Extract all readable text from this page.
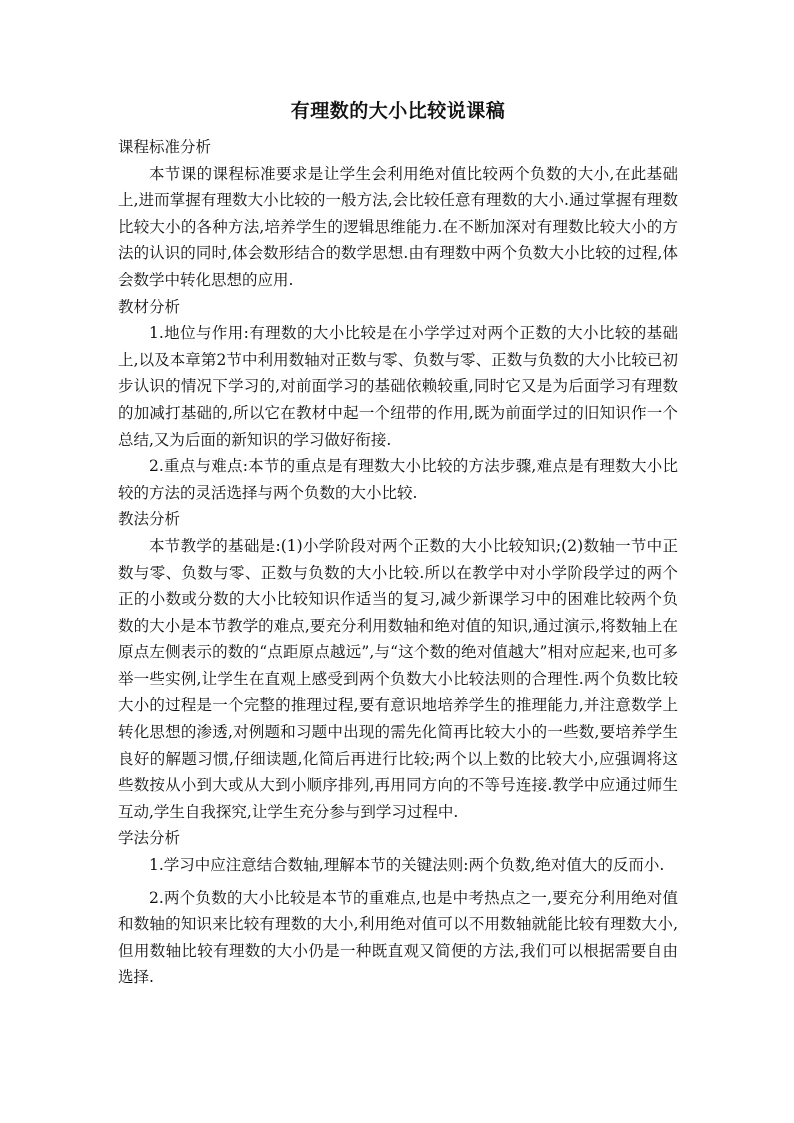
有理数的大小比较说课稿
课程标准分析

本节课的课程标准要求是让学生会利用绝对值比较两个负数的大小,在此基础上,进而掌握有理数大小比较的一般方法,会比较任意有理数的大小.通过掌握有理数比较大小的各种方法,培养学生的逻辑思维能力.在不断加深对有理数比较大小的方法的认识的同时,体会数形结合的数学思想.由有理数中两个负数大小比较的过程,体会数学中转化思想的应用.

教材分析

1.地位与作用:有理数的大小比较是在小学学过对两个正数的大小比较的基础上,以及本章第2节中利用数轴对正数与零、负数与零、正数与负数的大小比较已初步认识的情况下学习的,对前面学习的基础依赖较重,同时它又是为后面学习有理数的加减打基础的,所以它在教材中起一个纽带的作用,既为前面学过的旧知识作一个总结,又为后面的新知识的学习做好衔接.

2.重点与难点:本节的重点是有理数大小比较的方法步骤,难点是有理数大小比较的方法的灵活选择与两个负数的大小比较.

教法分析

本节教学的基础是:(1)小学阶段对两个正数的大小比较知识;(2)数轴一节中正数与零、负数与零、正数与负数的大小比较.所以在教学中对小学阶段学过的两个正的小数或分数的大小比较知识作适当的复习,减少新课学习中的困难比较两个负数的大小是本节教学的难点,要充分利用数轴和绝对值的知识,通过演示,将数轴上在原点左侧表示的数的“点距原点越远”,与“这个数的绝对值越大”相对应起来,也可多举一些实例,让学生在直观上感受到两个负数大小比较法则的合理性.两个负数比较大小的过程是一个完整的推理过程,要有意识地培养学生的推理能力,并注意数学上转化思想的渗透,对例题和习题中出现的需先化简再比较大小的一些数,要培养学生良好的解题习惯,仔细读题,化简后再进行比较;两个以上数的比较大小,应强调将这些数按从小到大或从大到小顺序排列,再用同方向的不等号连接.教学中应通过师生互动,学生自我探究,让学生充分参与到学习过程中.

学法分析

1.学习中应注意结合数轴,理解本节的关键法则:两个负数,绝对值大的反而小.

2.两个负数的大小比较是本节的重难点,也是中考热点之一,要充分利用绝对值和数轴的知识来比较有理数的大小,利用绝对值可以不用数轴就能比较有理数大小,但用数轴比较有理数的大小仍是一种既直观又简便的方法,我们可以根据需要自由选择.
